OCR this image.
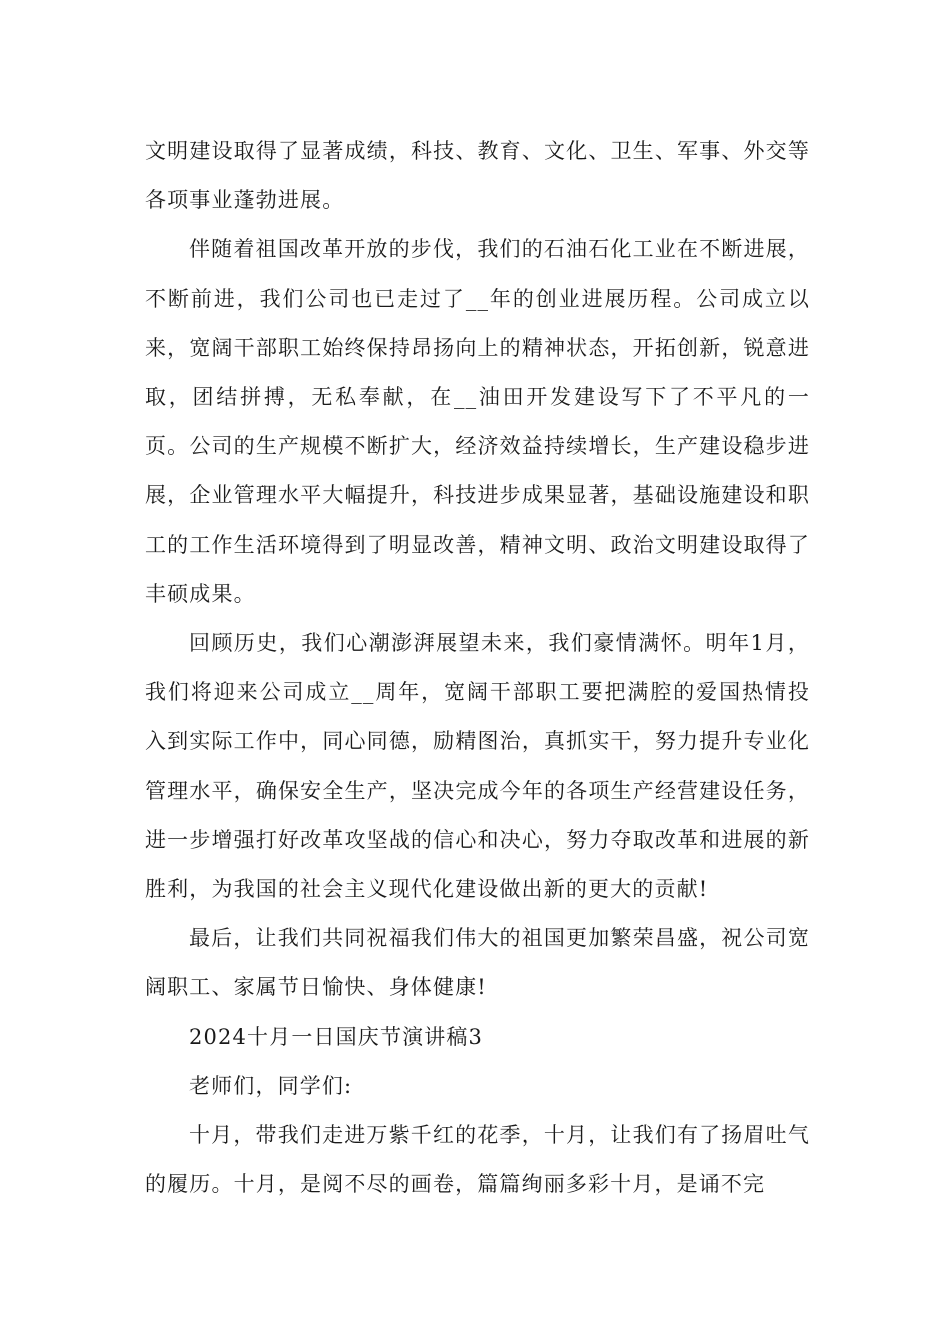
文明建设取得了显著成绩，科技、教育、文化、卫生、军事、外交等各项事业蓬勃进展。

伴随着祖国改革开放的步伐，我们的石油石化工业在不断进展，不断前进，我们公司也已走过了__年的创业进展历程。公司成立以来，宽阔干部职工始终保持昂扬向上的精神状态，开拓创新，锐意进取，团结拼搏，无私奉献，在__油田开发建设写下了不平凡的一页。公司的生产规模不断扩大，经济效益持续增长，生产建设稳步进展，企业管理水平大幅提升，科技进步成果显著，基础设施建设和职工的工作生活环境得到了明显改善，精神文明、政治文明建设取得了丰硕成果。

回顾历史，我们心潮澎湃展望未来，我们豪情满怀。明年1月，我们将迎来公司成立__周年，宽阔干部职工要把满腔的爱国热情投入到实际工作中，同心同德，励精图治，真抓实干，努力提升专业化管理水平，确保安全生产，坚决完成今年的各项生产经营建设任务，进一步增强打好改革攻坚战的信心和决心，努力夺取改革和进展的新胜利，为我国的社会主义现代化建设做出新的更大的贡献!

最后，让我们共同祝福我们伟大的祖国更加繁荣昌盛，祝公司宽阔职工、家属节日愉快、身体健康!

2024十月一日国庆节演讲稿3

老师们，同学们:

十月，带我们走进万紫千红的花季，十月，让我们有了扬眉吐气的履历。十月，是阅不尽的画卷，篇篇绚丽多彩十月，是诵不完
